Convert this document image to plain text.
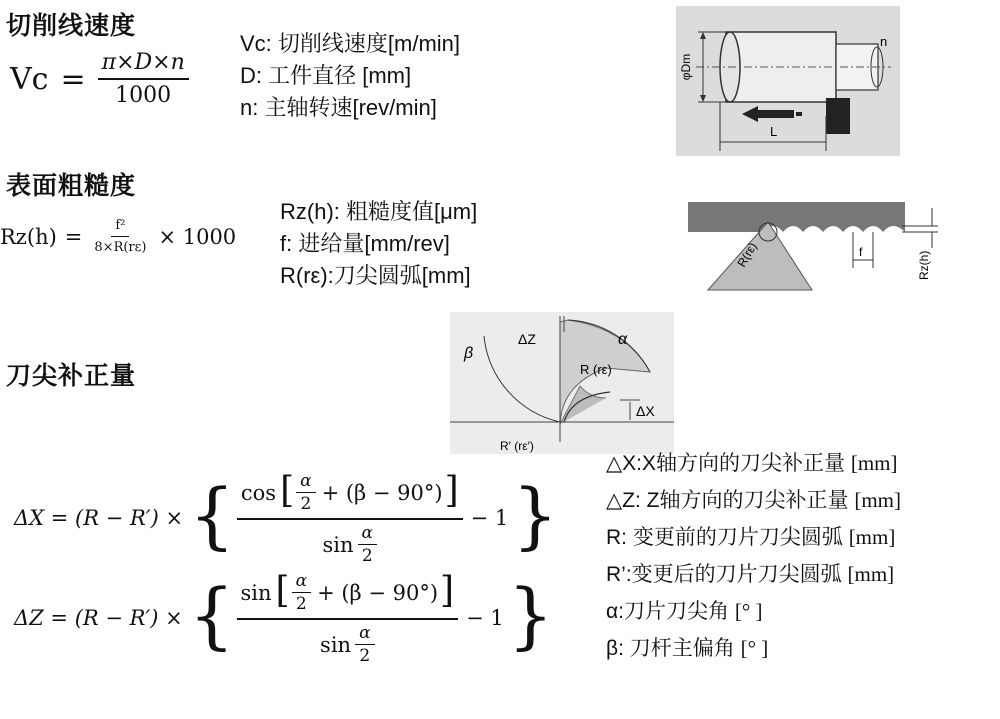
切削线速度
$Vc = \frac{\pi\times D\times n}{1000}$
Vc: 切削线速度[m/min]
D: 工件直径 [mm]
n: 主轴转速[rev/min]
φDm
n
L
表面粗糙度
$Rz(h) = \frac{\text{f²}}{8\times R(r\varepsilon)} \times 1000$
Rz(h): 粗糙度值[μm]
f: 进给量[mm/rev]
R(rε):刀尖圆弧[mm]
R(rε)	f	Rz(h)
刀尖补正量
ΔZ
ΔX
α
β
R (rε)
R′ (rε′)
ΔX = (R − R′) × { cos [ $\frac{\alpha}{2} + (\beta - 90^\circ)$ ]
$\sin \frac{\alpha}{2}$
− 1 }
ΔZ = (R − R′) × { sin [ $\frac{\alpha}{2} + (\beta - 90^\circ)$ ]
$\sin \frac{\alpha}{2}$
− 1 }
△X:X轴方向的刀尖补正量 [mm]
△Z: Z轴方向的刀尖补正量 [mm]
R: 变更前的刀片刀尖圆弧 [mm]
R’:变更后的刀片刀尖圆弧 [mm]
α:刀片刀尖角 [° ]
β: 刀杆主偏角 [° ]
